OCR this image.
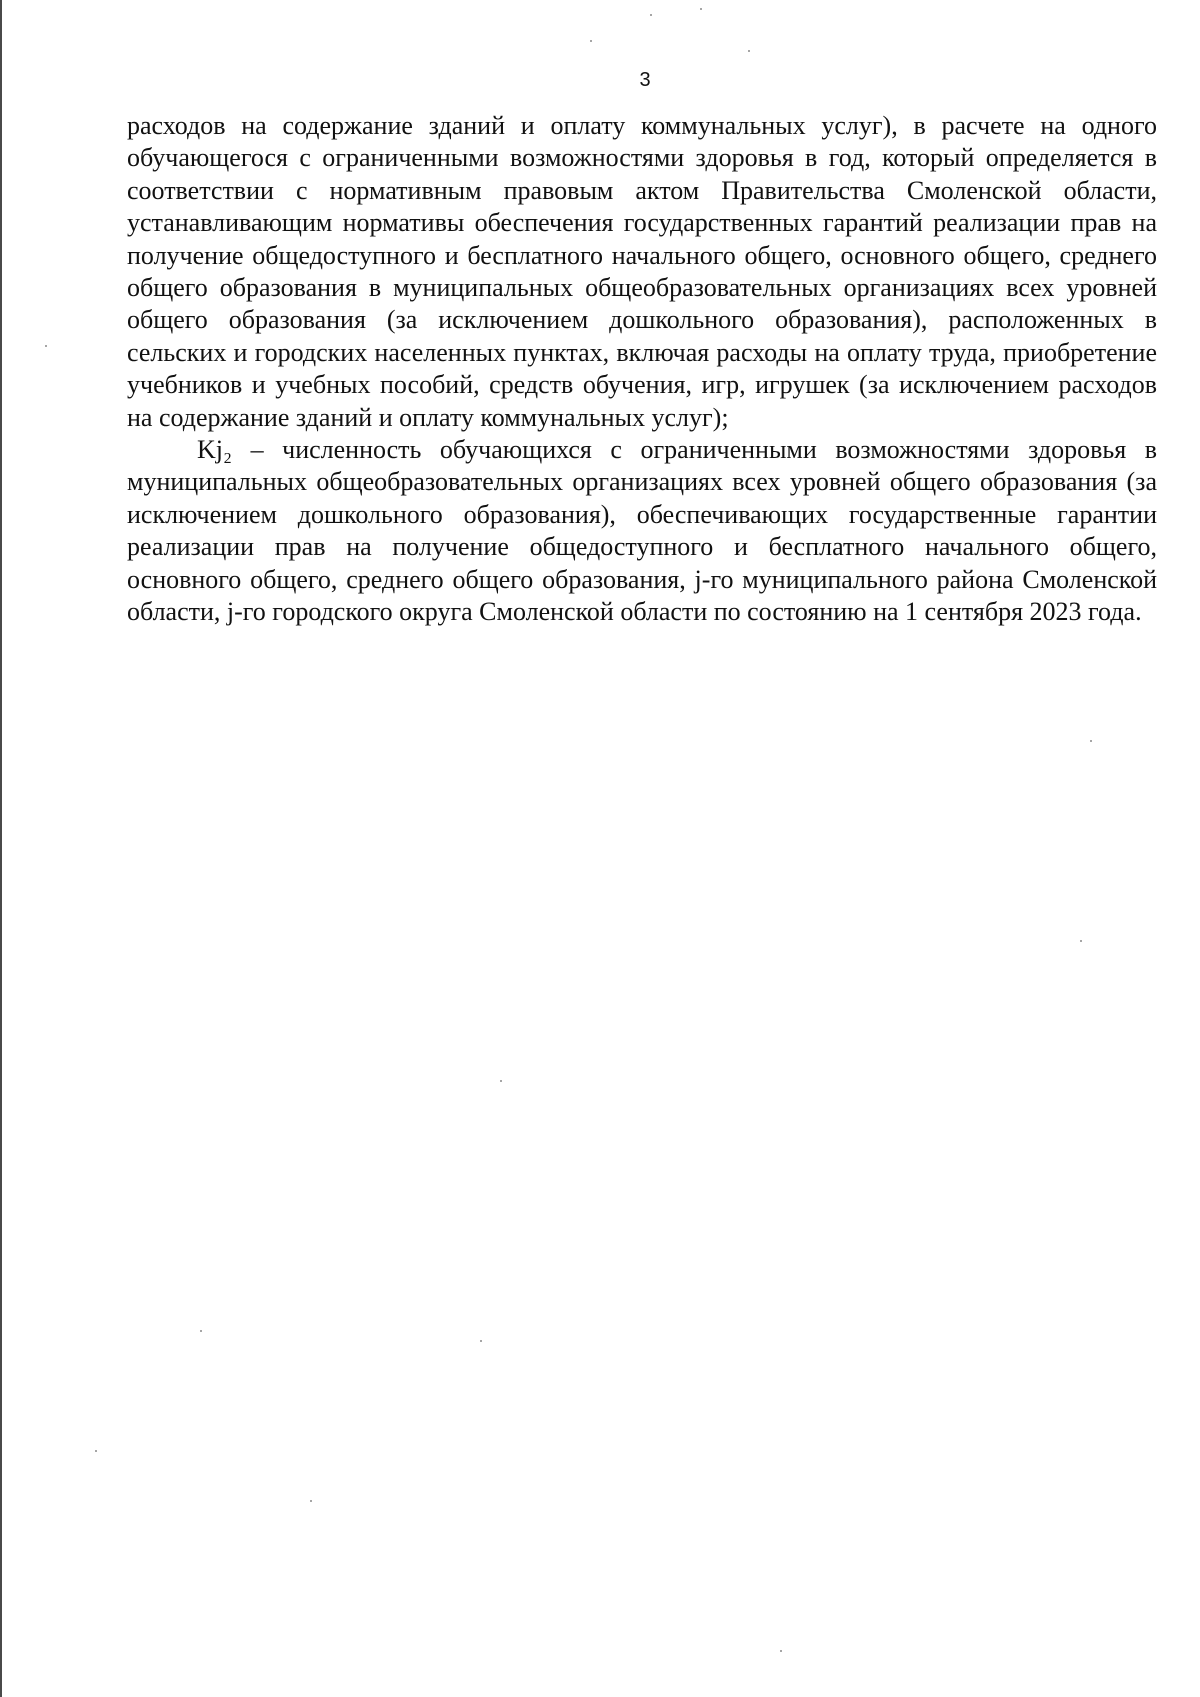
3

расходов на содержание зданий и оплату коммунальных услуг), в расчете на одного обучающегося с ограниченными возможностями здоровья в год, который определяется в соответствии с нормативным правовым актом Правительства Смоленской области, устанавливающим нормативы обеспечения государственных гарантий реализации прав на получение общедоступного и бесплатного начального общего, основного общего, среднего общего образования в муниципальных общеобразовательных организациях всех уровней общего образования (за исключением дошкольного образования), расположенных в сельских и городских населенных пунктах, включая расходы на оплату труда, приобретение учебников и учебных пособий, средств обучения, игр, игрушек (за исключением расходов на содержание зданий и оплату коммунальных услуг);

Kj₂ – численность обучающихся с ограниченными возможностями здоровья в муниципальных общеобразовательных организациях всех уровней общего образования (за исключением дошкольного образования), обеспечивающих государственные гарантии реализации прав на получение общедоступного и бесплатного начального общего, основного общего, среднего общего образования, j-го муниципального района Смоленской области, j-го городского округа Смоленской области по состоянию на 1 сентября 2023 года.
